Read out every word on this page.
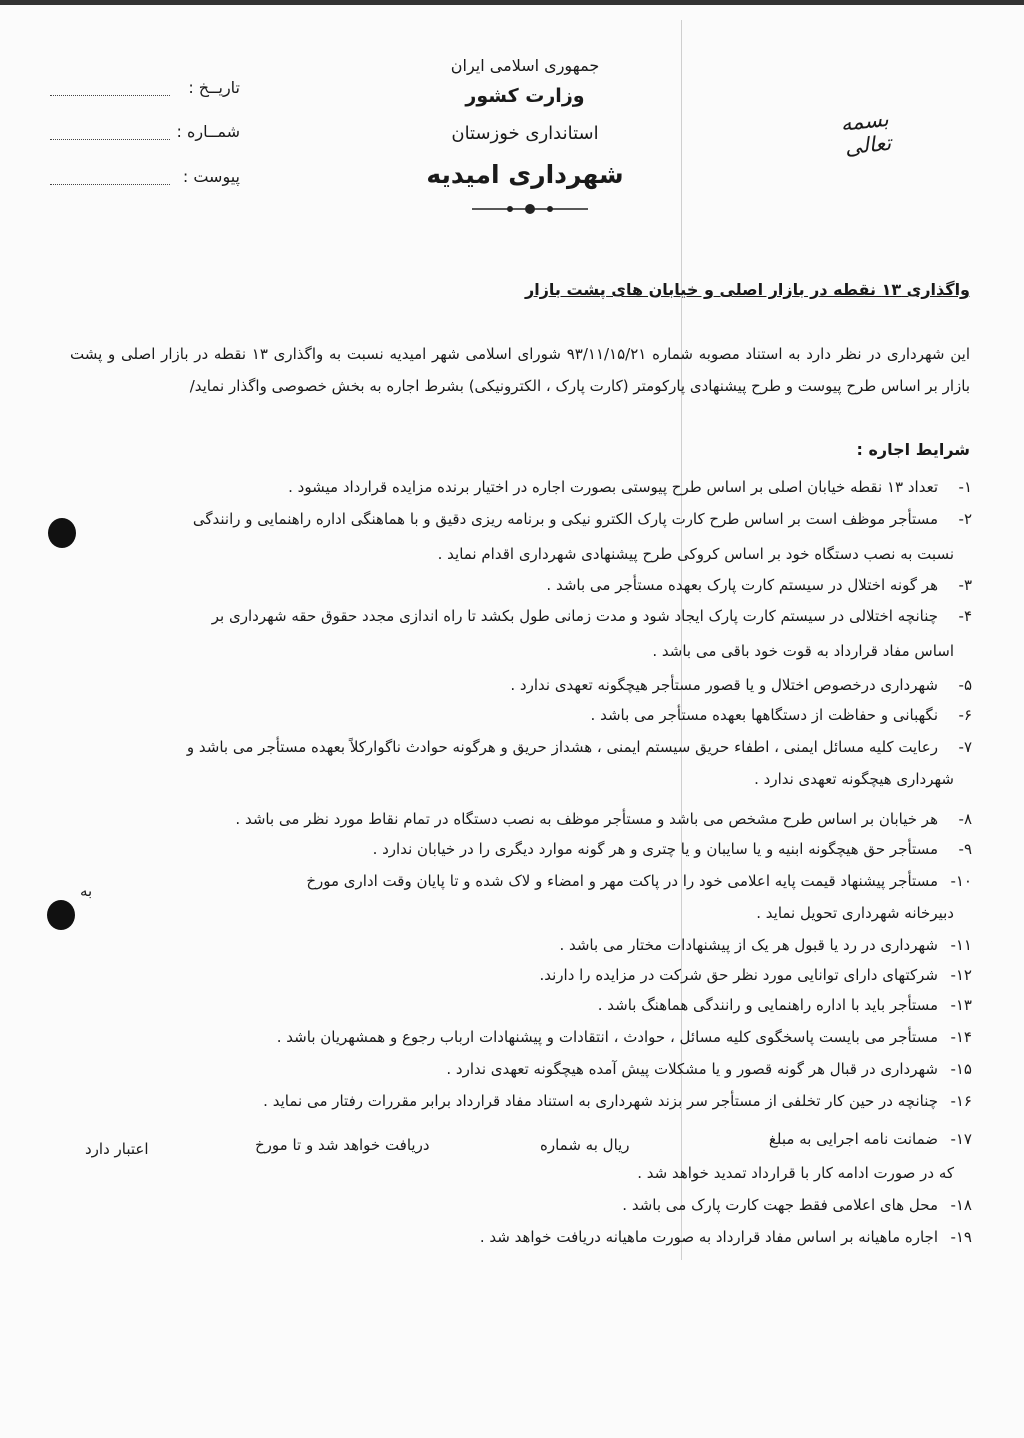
بسمه تعالی
جمهوری اسلامی ایران
وزارت کشور
استانداری خوزستان
شهرداری امیدیه
تاریــخ :
شمــاره :
پیوست :
واگذاری ۱۳ نقطه در بازار اصلی و خیابان های پشت بازار
این شهرداری در نظر دارد به استناد مصوبه شماره ۹۳/۱۱/۱۵/۲۱ شورای اسلامی شهر امیدیه نسبت به واگذاری ۱۳ نقطه در بازار اصلی و پشت بازار بر اساس طرح پیوست و طرح پیشنهادی پارکومتر (کارت پارک ، الکترونیکی) بشرط اجاره به بخش خصوصی واگذار نماید/
شرایط اجاره :
۱-
تعداد ۱۳ نقطه خیابان اصلی بر اساس طرح پیوستی بصورت اجاره در اختیار برنده مزایده قرارداد میشود .
۲-
مستأجر موظف است بر اساس طرح کارت پارک الکترو نیکی و برنامه ریزی دقیق و با هماهنگی اداره راهنمایی و رانندگی
نسبت به نصب دستگاه خود بر اساس کروکی طرح پیشنهادی شهرداری اقدام نماید .
۳-
هر گونه اختلال در سیستم کارت پارک بعهده مستأجر می باشد .
۴-
چنانچه اختلالی در سیستم کارت پارک ایجاد شود و مدت زمانی طول بکشد تا راه اندازی مجدد حقوق حقه شهرداری بر
اساس مفاد قرارداد به قوت خود باقی می باشد .
۵-
شهرداری درخصوص اختلال و یا قصور مستأجر هیچگونه تعهدی ندارد .
۶-
نگهبانی و حفاظت از دستگاهها بعهده مستأجر می باشد .
۷-
رعایت کلیه مسائل ایمنی ، اطفاء حریق سیستم ایمنی ، هشداز حریق و هرگونه حوادث ناگوارکلاً بعهده مستأجر می باشد و
شهرداری هیچگونه تعهدی ندارد .
۸-
هر خیابان بر اساس طرح مشخص می باشد و مستأجر موظف به نصب دستگاه در تمام نقاط مورد نظر می باشد .
۹-
مستأجر حق هیچگونه ابنیه و یا سایبان و یا چتری و هر گونه موارد دیگری را در خیابان ندارد .
۱۰-
مستأجر پیشنهاد قیمت پایه اعلامی خود را در پاکت مهر و امضاء و لاک شده و تا پایان وقت اداری مورخ
دبیرخانه شهرداری تحویل نماید .
۱۱-
شهرداری در رد یا قبول هر یک از پیشنهادات مختار می باشد .
۱۲-
شرکتهای دارای توانایی مورد نظر حق شرکت در مزایده را دارند.
۱۳-
مستأجر باید با اداره راهنمایی و رانندگی هماهنگ باشد .
۱۴-
مستأجر می بایست پاسخگوی کلیه مسائل ، حوادث ، انتقادات و پیشنهادات ارباب رجوع و همشهریان باشد .
۱۵-
شهرداری در قبال هر گونه قصور و یا مشکلات پیش آمده هیچگونه تعهدی ندارد .
۱۶-
چنانچه در حین کار تخلفی از مستأجر سر بزند شهرداری به استناد مفاد قرارداد برابر مقررات رفتار می نماید .
۱۷-
ضمانت نامه اجرایی به مبلغ
که در صورت ادامه کار با قرارداد تمدید خواهد شد .
۱۸-
محل های اعلامی فقط جهت کارت پارک می باشد .
۱۹-
اجاره ماهیانه بر اساس مفاد قرارداد به صورت ماهیانه دریافت خواهد شد .
به
ریال به شماره
دریافت خواهد شد و تا مورخ
اعتبار دارد
